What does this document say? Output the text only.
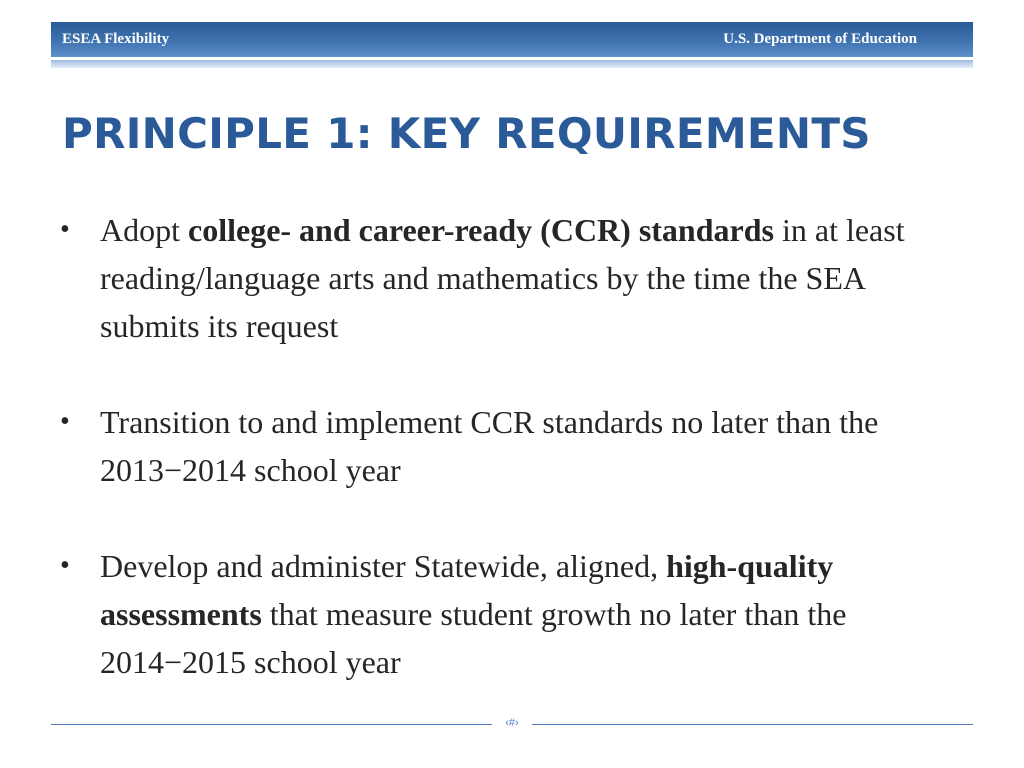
ESEA Flexibility	U.S. Department of Education
PRINCIPLE 1: KEY REQUIREMENTS
• Adopt college- and career-ready (CCR) standards in at least reading/language arts and mathematics by the time the SEA submits its request
• Transition to and implement CCR standards no later than the 2013−2014 school year
• Develop and administer Statewide, aligned, high-quality assessments that measure student growth no later than the 2014−2015 school year
‹#›
